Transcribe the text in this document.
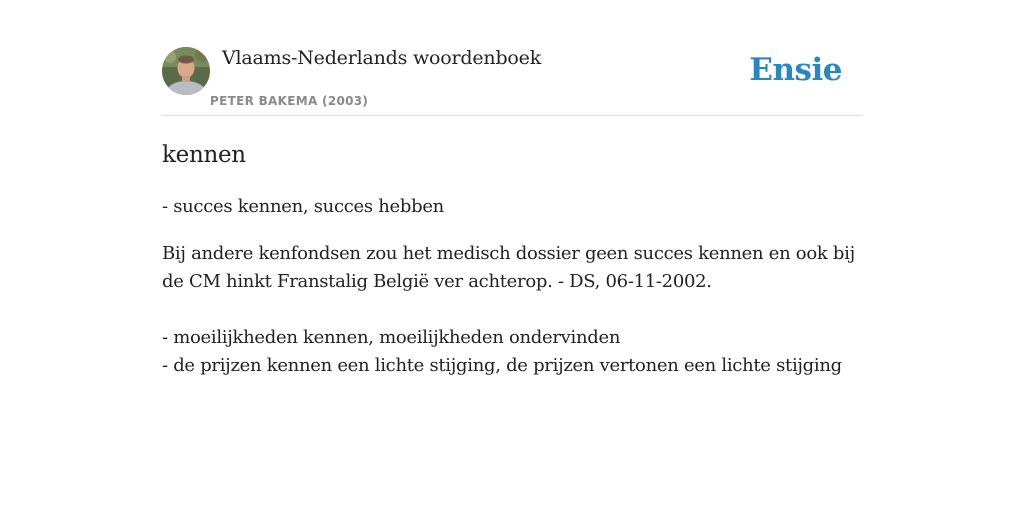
Vlaams-Nederlands woordenboek
PETER BAKEMA (2003)
Ensie
kennen

- succes kennen, succes hebben

Bij andere kenfondsen zou het medisch dossier geen succes kennen en ook bij de CM hinkt Franstalig België ver achterop. - DS, 06-11-2002.

- moeilijkheden kennen, moeilijkheden ondervinden

- de prijzen kennen een lichte stijging, de prijzen vertonen een lichte stijging
